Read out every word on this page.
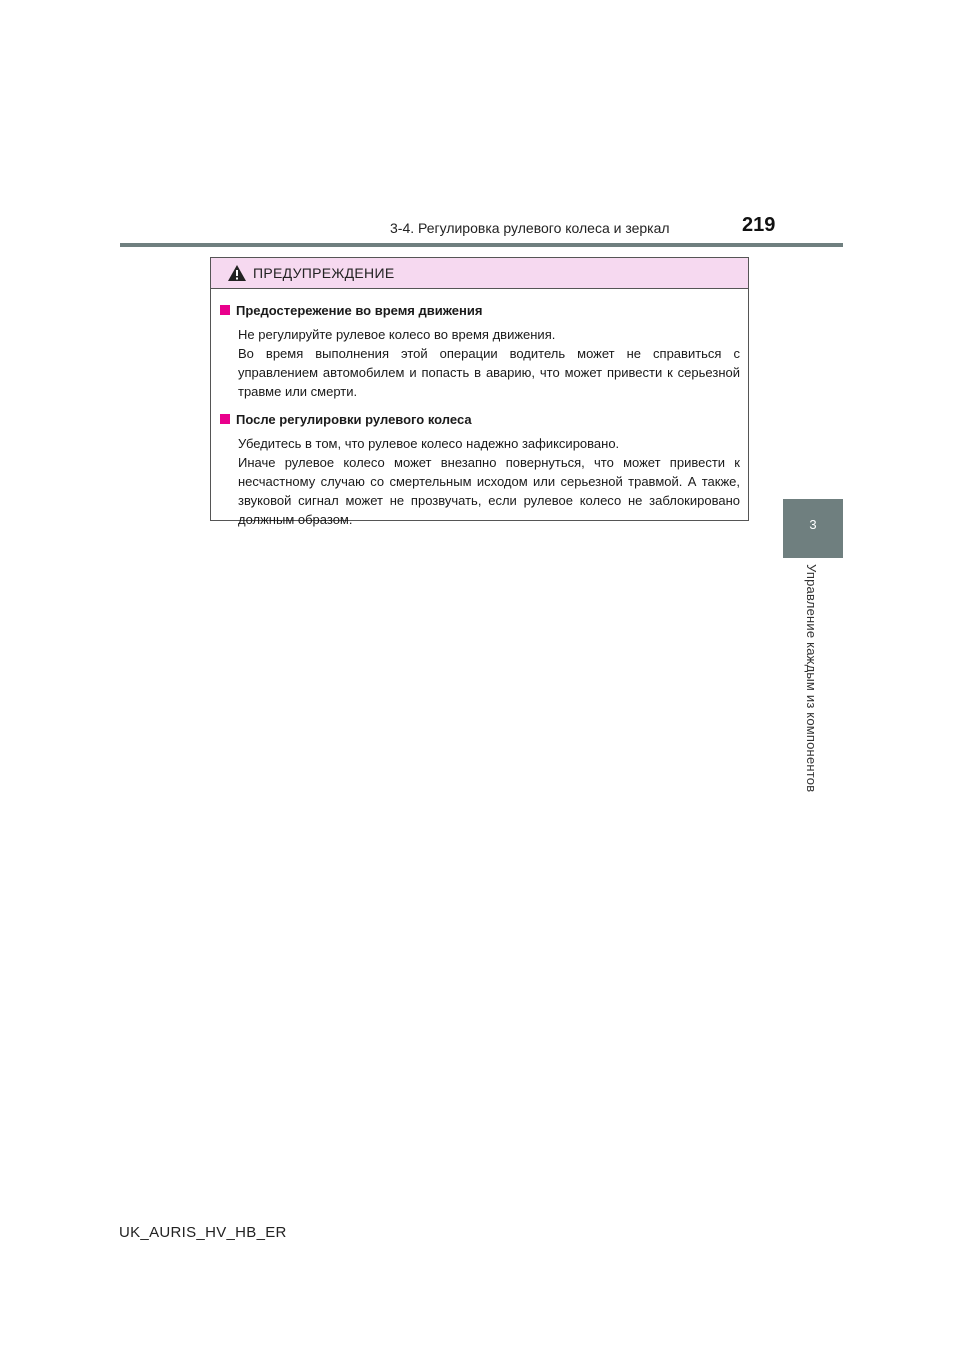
3-4. Регулировка рулевого колеса и зеркал	219
3
Управление каждым из компонентов
ПРЕДУПРЕЖДЕНИЕ
Предостережение во время движения

Не регулируйте рулевое колесо во время движения.

Во время выполнения этой операции водитель может не справиться с управлением автомобилем и попасть в аварию, что может привести к серьезной травме или смерти.

После регулировки рулевого колеса

Убедитесь в том, что рулевое колесо надежно зафиксировано.

Иначе рулевое колесо может внезапно повернуться, что может привести к несчастному случаю со смертельным исходом или серьезной травмой. А также, звуковой сигнал может не прозвучать, если рулевое колесо не заблокировано должным образом.

UK_AURIS_HV_HB_ER
